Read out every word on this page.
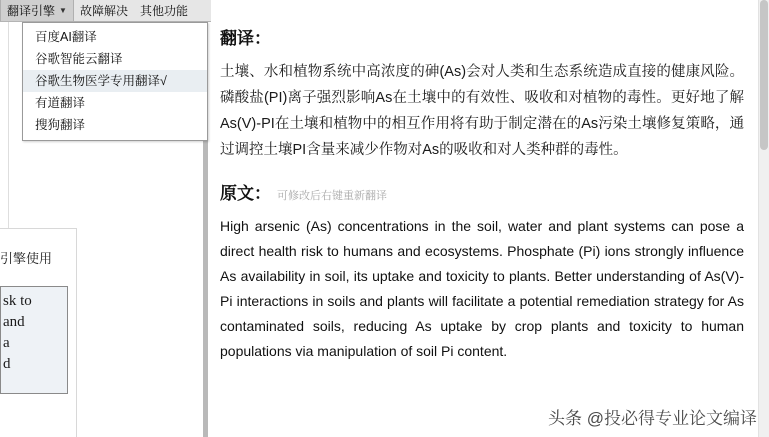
引擎使用
sk to
and
a
d
翻译：

土壤、水和植物系统中高浓度的砷(As)会对人类和生态系统造成直接的健康风险。磷酸盐(PI)离子强烈影响As在土壤中的有效性、吸收和对植物的毒性。更好地了解As(V)-PI在土壤和植物中的相互作用将有助于制定潜在的As污染土壤修复策略，通过调控土壤PI含量来减少作物对As的吸收和对人类种群的毒性。

原文： 可修改后右键重新翻译

High arsenic (As) concentrations in the soil, water and plant systems can pose a direct health risk to humans and ecosystems. Phosphate (Pi) ions strongly influence As availability in soil, its uptake and toxicity to plants. Better understanding of As(V)-Pi interactions in soils and plants will facilitate a potential remediation strategy for As contaminated soils, reducing As uptake by crop plants and toxicity to human populations via manipulation of soil Pi content.

头条 @投必得专业论文编译
翻译引擎 ▼ 故障解决 其他功能
百度AI翻译
谷歌智能云翻译
谷歌生物医学专用翻译√
有道翻译
搜狗翻译
